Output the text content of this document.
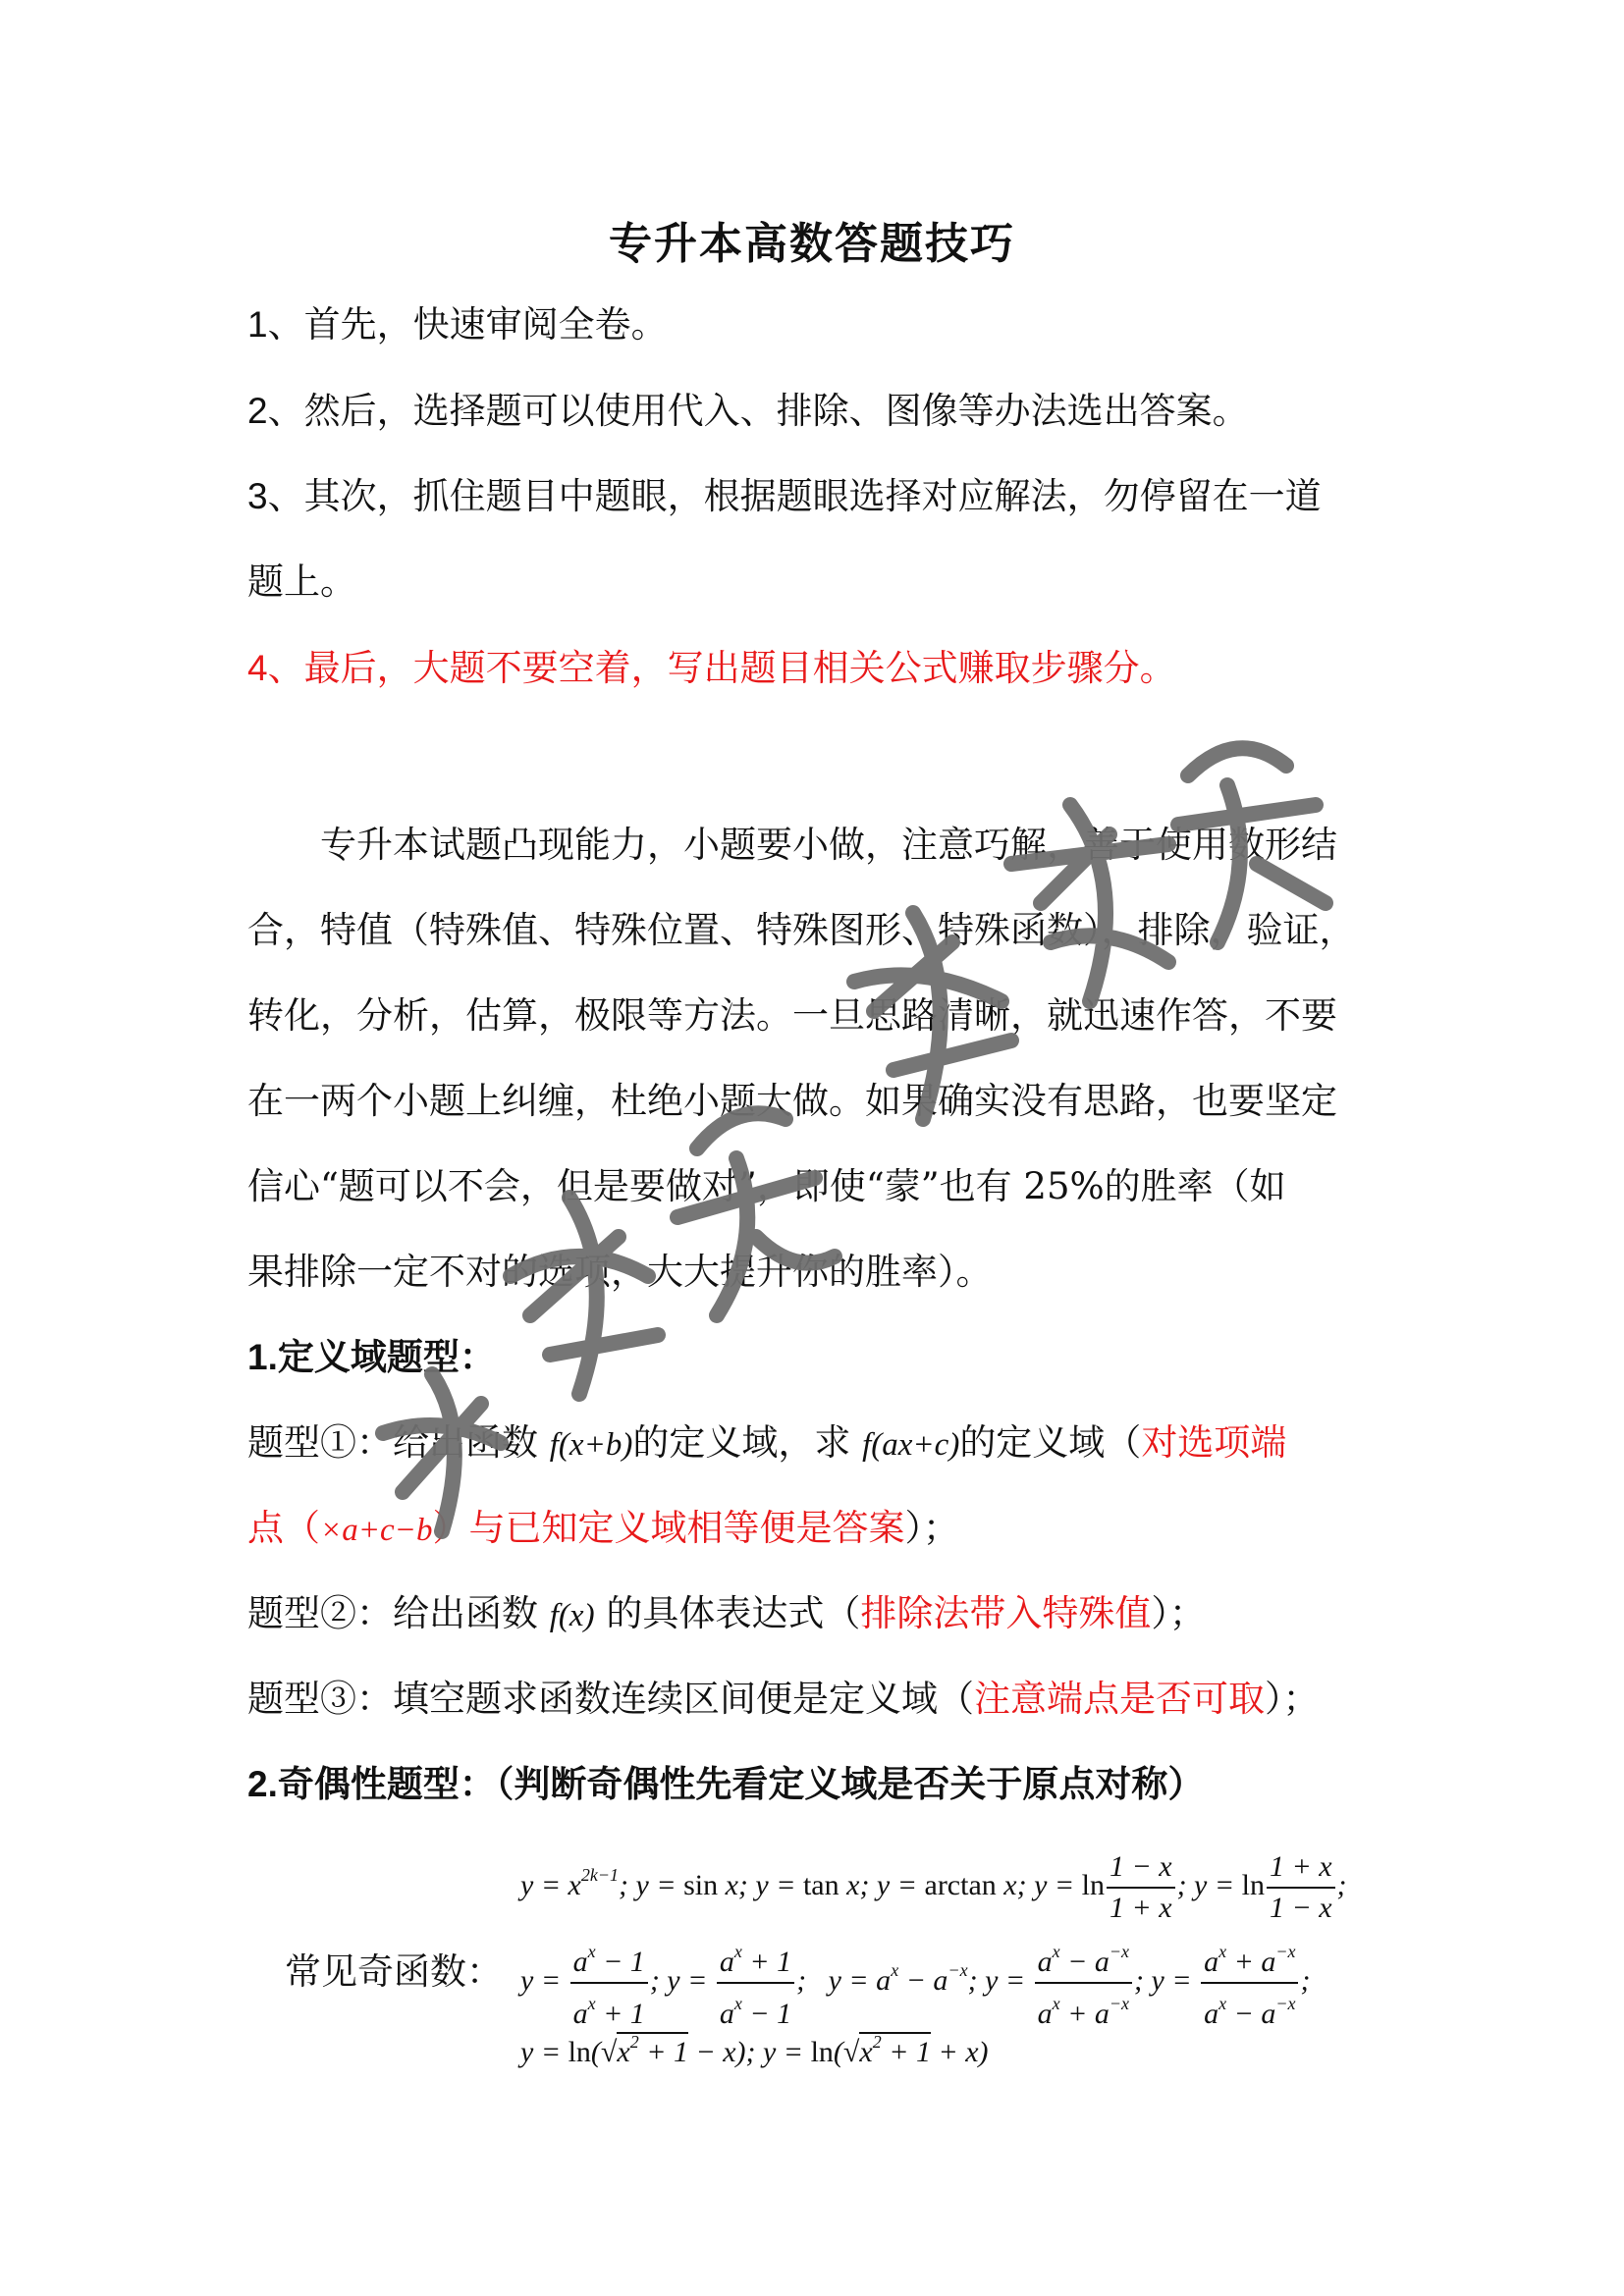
专升本高数答题技巧
1、首先，快速审阅全卷。
2、然后，选择题可以使用代入、排除、图像等办法选出答案。
3、其次，抓住题目中题眼，根据题眼选择对应解法，勿停留在一道
题上。
4、最后，大题不要空着，写出题目相关公式赚取步骤分。
专升本试题凸现能力，小题要小做，注意巧解，善于使用数形结
合，特值（特殊值、特殊位置、特殊图形、特殊函数），排除，验证，
转化，分析，估算，极限等方法。一旦思路清晰，就迅速作答，不要
在一两个小题上纠缠，杜绝小题大做。如果确实没有思路，也要坚定
信心“题可以不会，但是要做对”，即使“蒙”也有 25%的胜率（如
果排除一定不对的选项，大大提升你的胜率）。
1.定义域题型：
题型①：给出函数 f(x+b)的定义域，求 f(ax+c)的定义域（对选项端
点（×a+c−b）与已知定义域相等便是答案）；
题型②：给出函数 f(x) 的具体表达式（排除法带入特殊值）；
题型③：填空题求函数连续区间便是定义域（注意端点是否可取）；
2.奇偶性题型：（判断奇偶性先看定义域是否关于原点对称）
常见奇函数：
$y = x^{2k-1}$; y = sin x; y = tan x; y = arctan x; $y = \ln \frac{1 - x}{1 + x}$ ; $y = \ln \frac{1 + x}{1 - x}$ ;
$y = \frac{a^x - 1}{a^x + 1}$ ; $y = \frac{a^x + 1}{a^x - 1}$ ;   $y = a^x - a^{-x}$; $y = \frac{a^x - a^{-x}}{a^x + a^{-x}}$ ; $y = \frac{a^x + a^{-x}}{a^x - a^{-x}}$ ;
$y = \ln(√x^2 + 1 - x)$; $y = \ln(√x^2 + 1 + x)$
